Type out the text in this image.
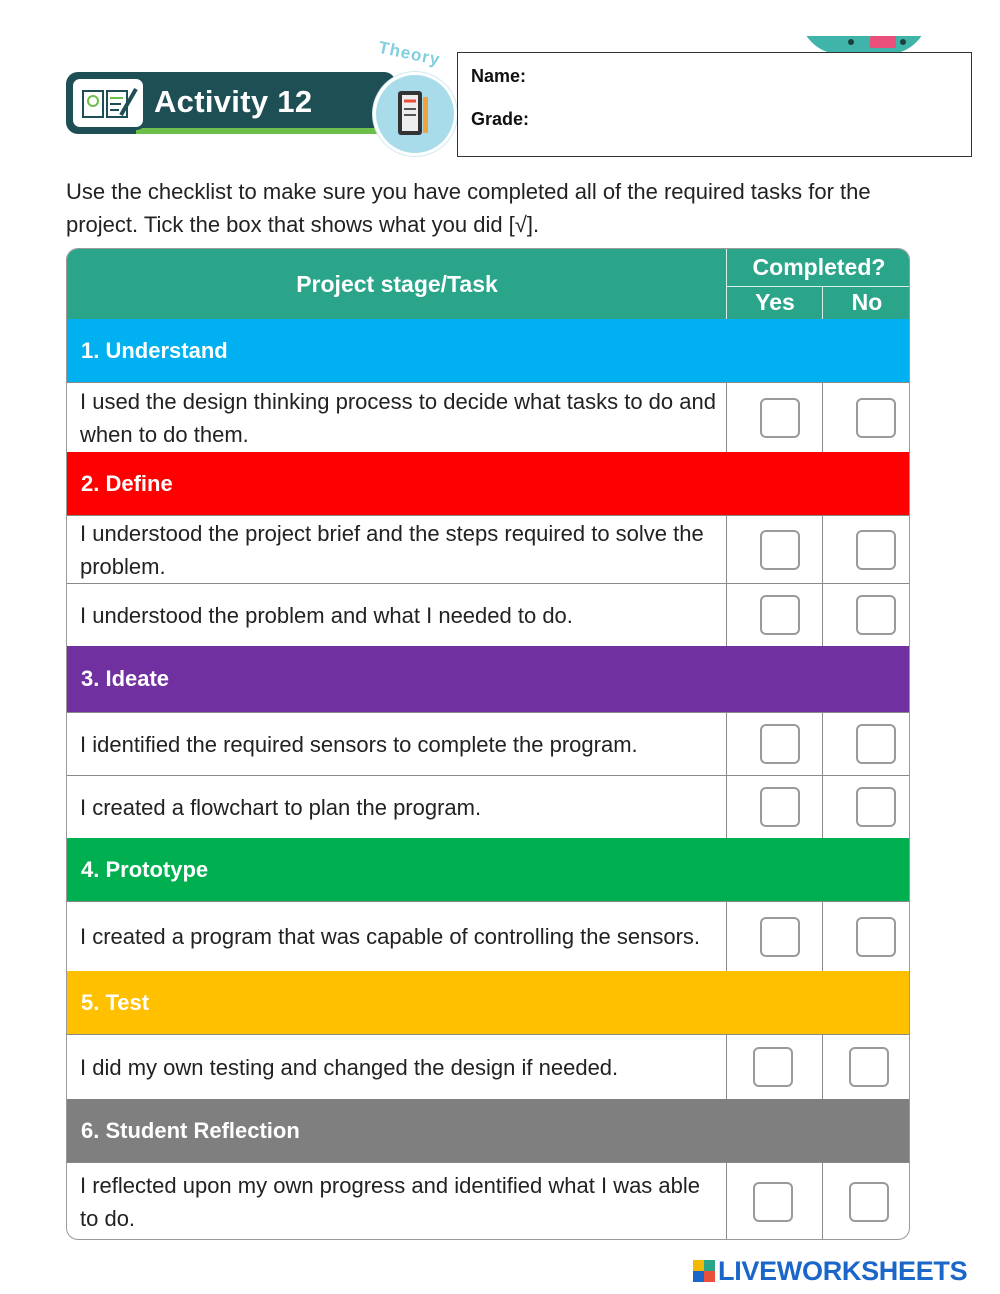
Activity 12
Theory
Name:
Grade:
Use the checklist to make sure you have completed all of the required tasks for the project. Tick the box that shows what you did [√].
Project stage/Task
Completed?
Yes	No
1. Understand
I used the design thinking process to decide what tasks to do and when to do them.
2. Define
I understood the project brief and the steps required to solve the problem.
I understood the problem and what I needed to do.
3. Ideate
I identified the required sensors to complete the program.
I created a flowchart to plan the program.
4. Prototype
I created a program that was capable of controlling the sensors.
5. Test
I did my own testing and changed the design if needed.
6. Student Reflection
I reflected upon my own progress and identified what I was able to do.
LIVEWORKSHEETS
